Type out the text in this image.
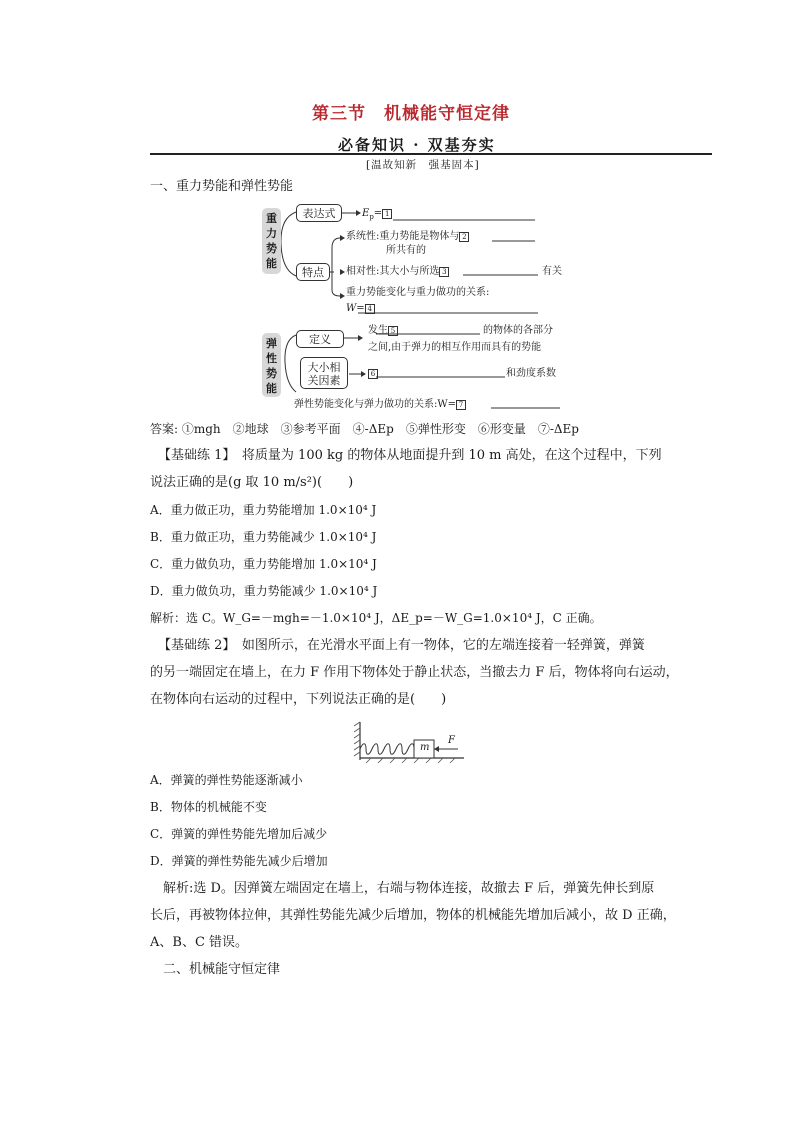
第三节　机械能守恒定律
必备知识 · 双基夯实
[温故知新　强基固本]
一、重力势能和弹性势能
重
力
势
能
弹
性
势
能
表达式	$E_p= 1$
特点
系统性:重力势能是物体与 2
所共有的
相对性:其大小与所选 3	有关
重力势能变化与重力做功的关系:
W= 4
定义
发生 5	的物体的各部分
之间,由于弹力的相互作用而具有的势能
大小相
关因素
6	和劲度系数
弹性势能变化与弹力做功的关系:W= 7
答案: ①mgh　②地球　③参考平面　④-ΔEp　⑤弹性形变　⑥形变量　⑦-ΔEp
【基础练 1】　 将质量为 100 kg 的物体从地面提升到 10 m 高处，在这个过程中，下列
说法正确的是(g 取 10 m/s²)(　　)
A．重力做正功，重力势能增加 1.0×10⁴ J
B．重力做正功，重力势能减少 1.0×10⁴ J
C．重力做负功，重力势能增加 1.0×10⁴ J
D．重力做负功，重力势能减少 1.0×10⁴ J
解析：选 C。W_G=－mgh=－1.0×10⁴ J，ΔE_p=－W_G=1.0×10⁴ J，C 正确。
【基础练 2】　 如图所示，在光滑水平面上有一物体，它的左端连接着一轻弹簧，弹簧
的另一端固定在墙上，在力 F 作用下物体处于静止状态，当撤去力 F 后，物体将向右运动，
在物体向右运动的过程中，下列说法正确的是(　　)
m
F
A．弹簧的弹性势能逐渐减小
B．物体的机械能不变
C．弹簧的弹性势能先增加后减少
D．弹簧的弹性势能先减少后增加
解析:选 D。因弹簧左端固定在墙上，右端与物体连接，故撤去 F 后，弹簧先伸长到原
长后，再被物体拉伸，其弹性势能先减少后增加，物体的机械能先增加后减小，故 D 正确，
A、B、C 错误。
二、机械能守恒定律
